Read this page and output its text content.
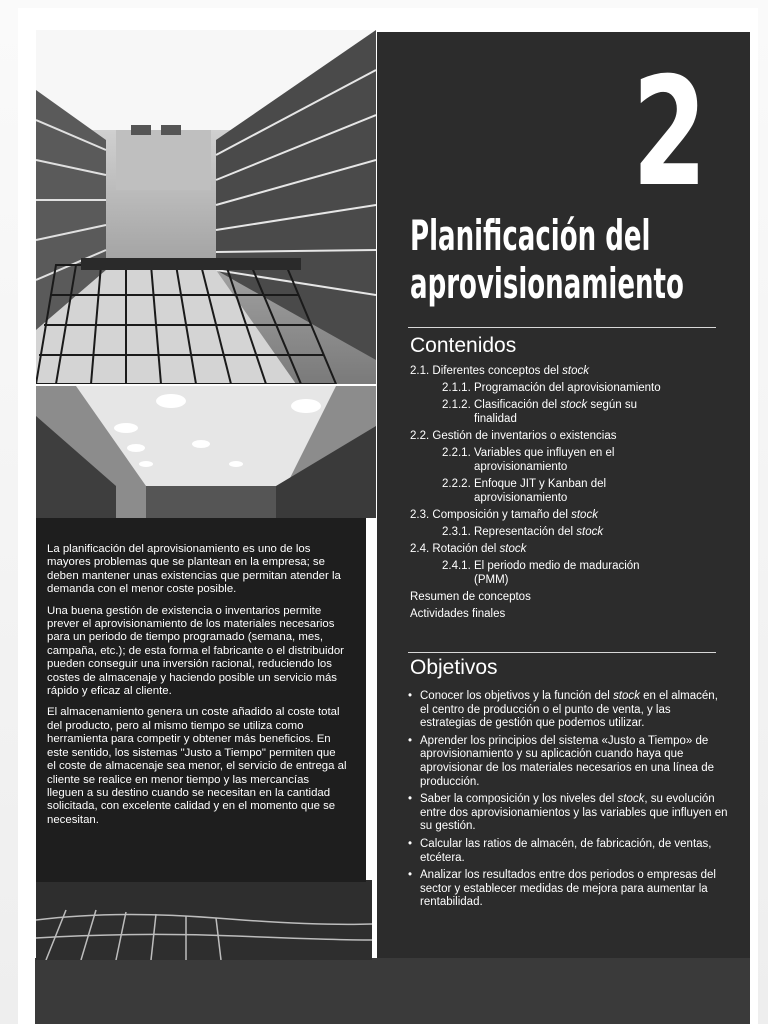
La planificación del aprovisionamiento es uno de los mayores problemas que se plantean en la empresa; se deben mantener unas existencias que permitan atender la demanda con el menor coste posible.

Una buena gestión de existencia o inventarios permite prever el aprovisionamiento de los materiales necesarios para un periodo de tiempo programado (semana, mes, campaña, etc.); de esta forma el fabricante o el distribuidor pueden conseguir una inversión racional, reduciendo los costes de almacenaje y haciendo posible un servicio más rápido y eficaz al cliente.

El almacenamiento genera un coste añadido al coste total del producto, pero al mismo tiempo se utiliza como herramienta para competir y obtener más beneficios. En este sentido, los sistemas "Justo a Tiempo" permiten que el coste de almacenaje sea menor, el servicio de entrega al cliente se realice en menor tiempo y las mercancías lleguen a su destino cuando se necesitan en la cantidad solicitada, con excelente calidad y en el momento que se necesitan.

2
Planificación del
aprovisionamiento
Contenidos
2.1. Diferentes conceptos del stock
2.1.1. Programación del aprovisionamiento
2.1.2. Clasificación del stock según su
finalidad
2.2. Gestión de inventarios o existencias
2.2.1. Variables que influyen en el
aprovisionamiento
2.2.2. Enfoque JIT y Kanban del
aprovisionamiento
2.3. Composición y tamaño del stock
2.3.1. Representación del stock
2.4. Rotación del stock
2.4.1. El periodo medio de maduración
(PMM)
Resumen de conceptos
Actividades finales
Objetivos
• Conocer los objetivos y la función del stock en el almacén, el centro de producción o el punto de venta, y las estrategias de gestión que podemos utilizar.
• Aprender los principios del sistema «Justo a Tiempo» de aprovisionamiento y su aplicación cuando haya que aprovisionar de los materiales necesarios en una línea de producción.
• Saber la composición y los niveles del stock, su evolución entre dos aprovisionamientos y las variables que influyen en su gestión.
• Calcular las ratios de almacén, de fabricación, de ventas, etcétera.
• Analizar los resultados entre dos periodos o empresas del sector y establecer medidas de mejora para aumentar la rentabilidad.
